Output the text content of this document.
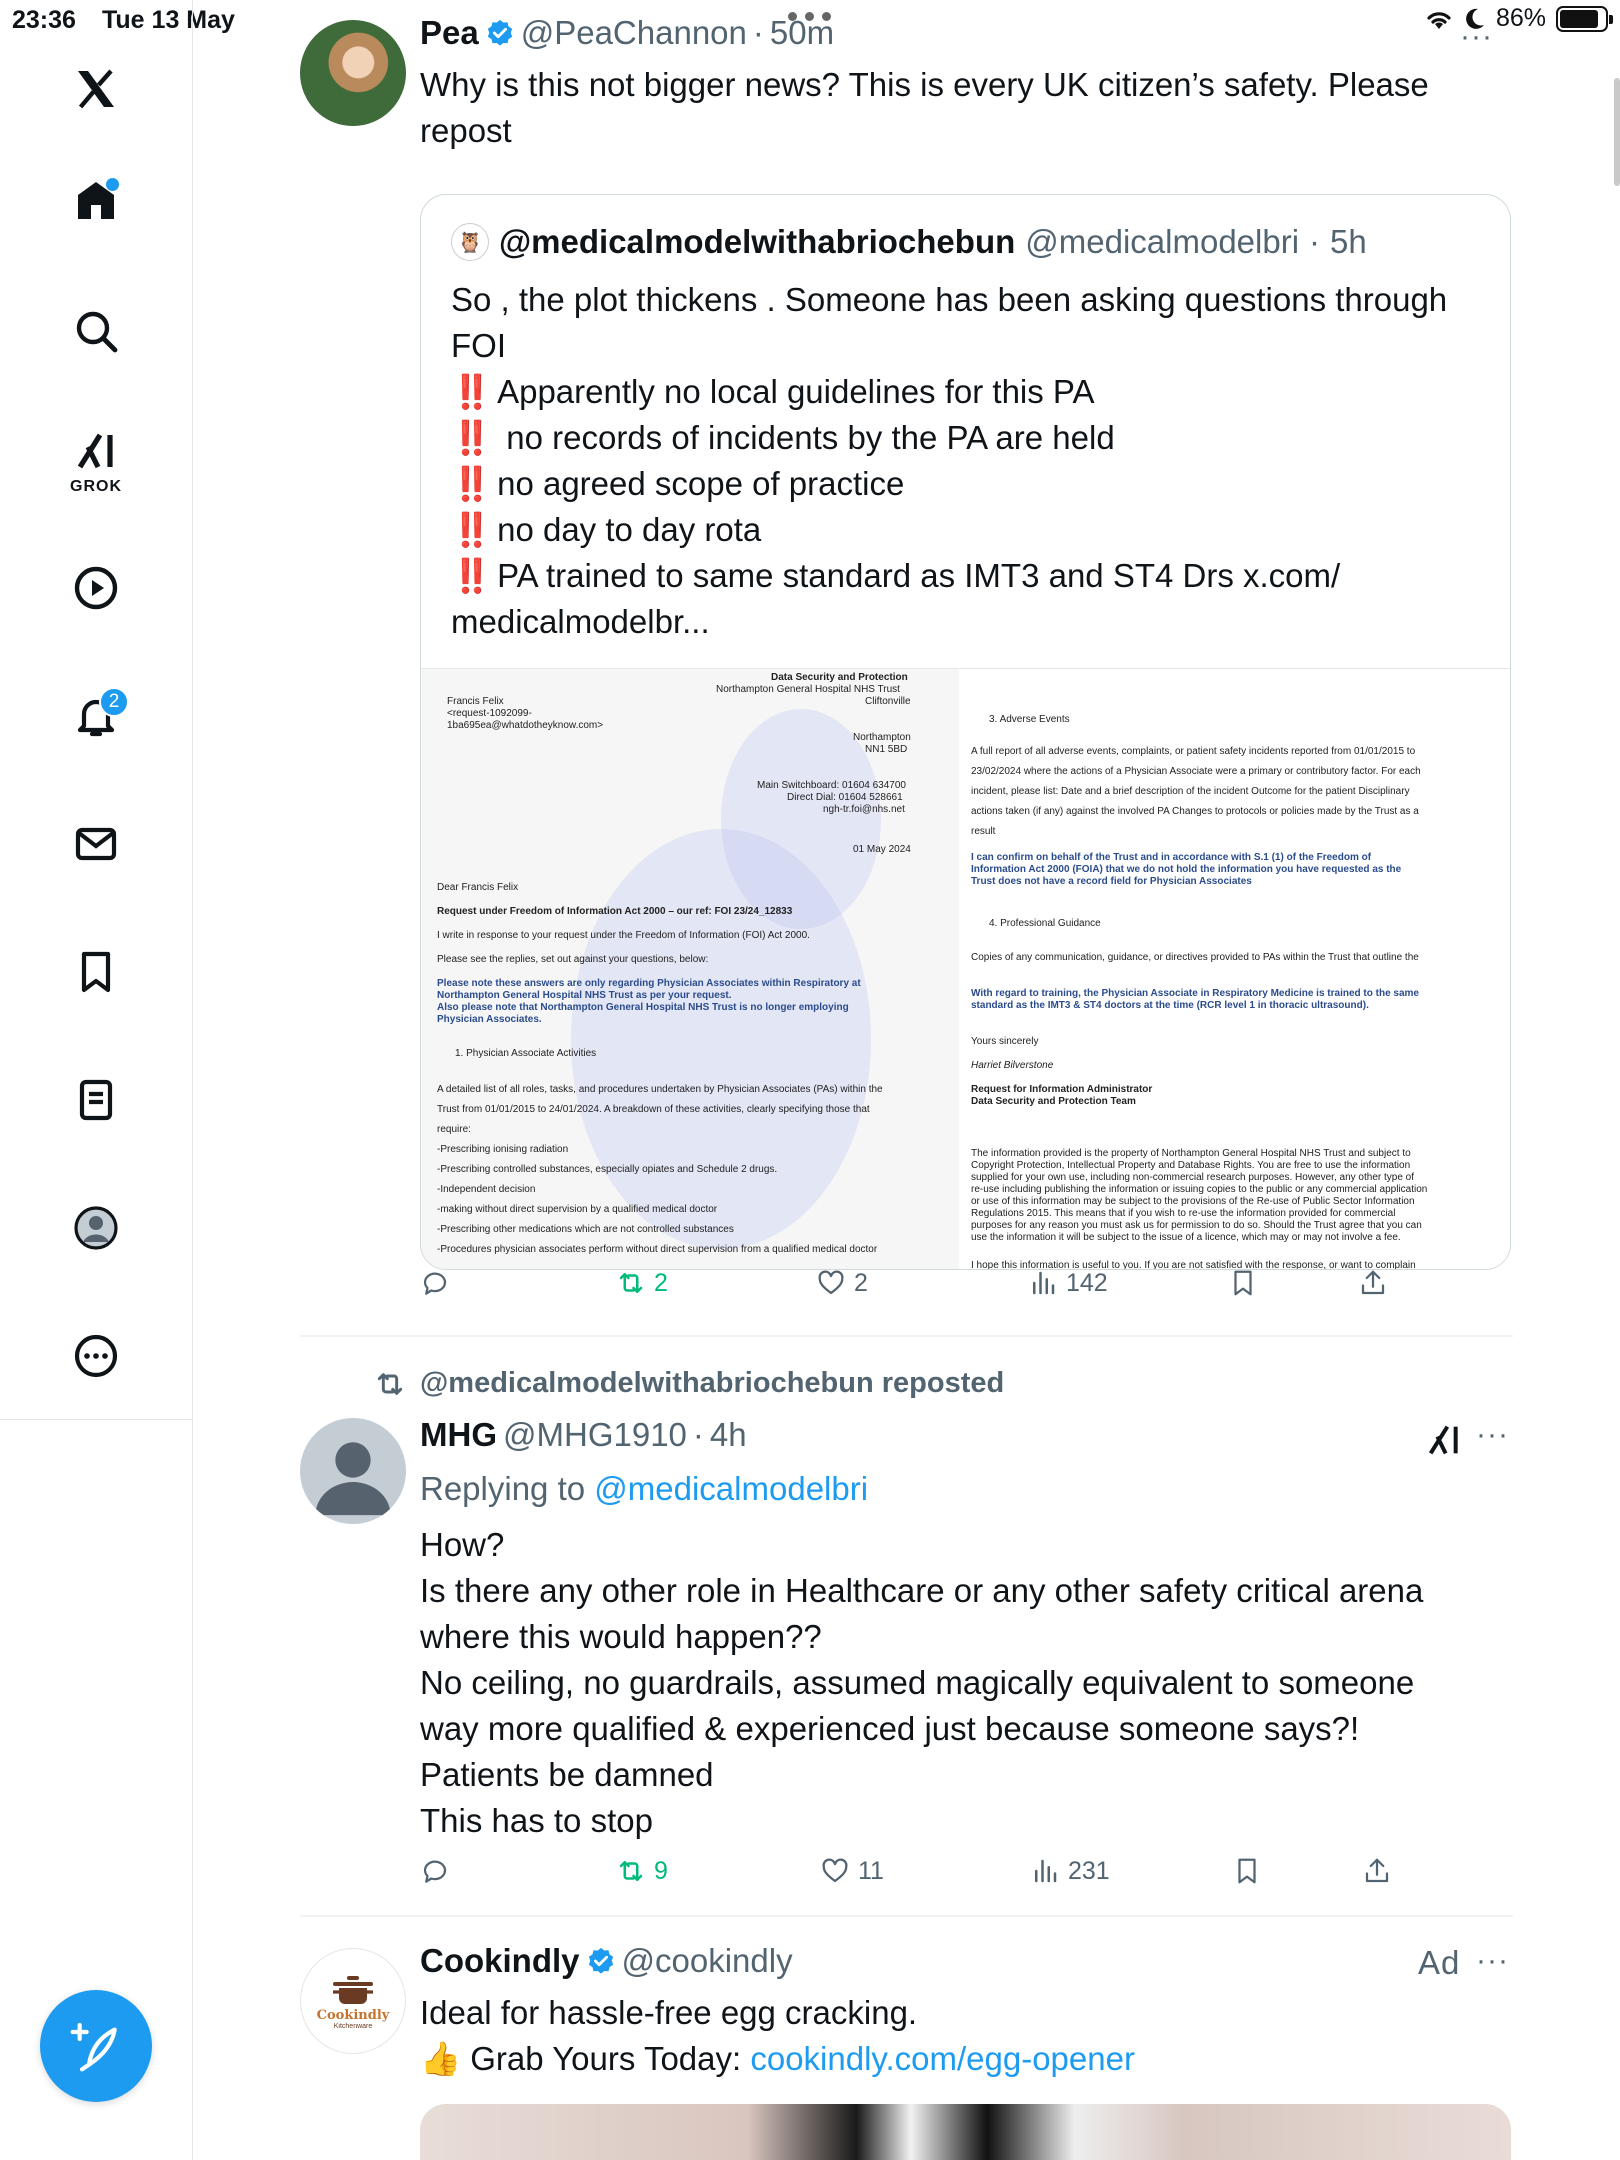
23:36 Tue 13 May	86%
GROK
2
Pea @PeaChannon · 50m
Why is this not bigger news? This is every UK citizen’s safety. Please
repost
🦉 @medicalmodelwithabriochebun @medicalmodelbri · 5h
So , the plot thickens . Someone has been asking questions through
FOI
‼️ Apparently no local guidelines for this PA
‼️ no records of incidents by the PA are held
‼️ no agreed scope of practice
‼️ no day to day rota
‼️ PA trained to same standard as IMT3 and ST4 Drs x.com/
medicalmodelbr...
Data Security and Protection
Northampton General Hospital NHS Trust
Cliftonville
Francis Felix
<request-1092099-
1ba695ea@whatdotheyknow.com>
Northampton
NN1 5BD
Main Switchboard: 01604 634700
Direct Dial: 01604 528661
ngh-tr.foi@nhs.net
01 May 2024
Dear Francis Felix
Request under Freedom of Information Act 2000 – our ref: FOI 23/24_12833
I write in response to your request under the Freedom of Information (FOI) Act 2000.
Please see the replies, set out against your questions, below:
Please note these answers are only regarding Physician Associates within Respiratory at
Northampton General Hospital NHS Trust as per your request.
Also please note that Northampton General Hospital NHS Trust is no longer employing
Physician Associates.
1. Physician Associate Activities
A detailed list of all roles, tasks, and procedures undertaken by Physician Associates (PAs) within the
Trust from 01/01/2015 to 24/01/2024. A breakdown of these activities, clearly specifying those that
require:
-Prescribing ionising radiation
-Prescribing controlled substances, especially opiates and Schedule 2 drugs.
-Independent decision
-making without direct supervision by a qualified medical doctor
-Prescribing other medications which are not controlled substances
-Procedures physician associates perform without direct supervision from a qualified medical doctor
3. Adverse Events
A full report of all adverse events, complaints, or patient safety incidents reported from 01/01/2015 to
23/02/2024 where the actions of a Physician Associate were a primary or contributory factor. For each
incident, please list: Date and a brief description of the incident Outcome for the patient Disciplinary
actions taken (if any) against the involved PA Changes to protocols or policies made by the Trust as a
result
I can confirm on behalf of the Trust and in accordance with S.1 (1) of the Freedom of
Information Act 2000 (FOIA) that we do not hold the information you have requested as the
Trust does not have a record field for Physician Associates
4. Professional Guidance
Copies of any communication, guidance, or directives provided to PAs within the Trust that outline the
With regard to training, the Physician Associate in Respiratory Medicine is trained to the same
standard as the IMT3 & ST4 doctors at the time (RCR level 1 in thoracic ultrasound).
Yours sincerely
Harriet Bilverstone
Request for Information Administrator
Data Security and Protection Team
The information provided is the property of Northampton General Hospital NHS Trust and subject to
Copyright Protection, Intellectual Property and Database Rights. You are free to use the information
supplied for your own use, including non-commercial research purposes. However, any other type of
re-use including publishing the information or issuing copies to the public or any commercial application
or use of this information may be subject to the provisions of the Re-use of Public Sector Information
Regulations 2015. This means that if you wish to re-use the information provided for commercial
purposes for any reason you must ask us for permission to do so. Should the Trust agree that you can
use the information it will be subject to the issue of a licence, which may or may not involve a fee.
I hope this information is useful to you. If you are not satisfied with the response, or want to complain
2	2	142
···
@medicalmodelwithabriochebun reposted
MHG @MHG1910 · 4h	···
Replying to @medicalmodelbri
How?
Is there any other role in Healthcare or any other safety critical arena
where this would happen??
No ceiling, no guardrails, assumed magically equivalent to someone
way more qualified & experienced just because someone says?!
Patients be damned
This has to stop
9	11	231
Cookindly
Kitchenware
Cookindly @cookindly	Ad ···
Ideal for hassle-free egg cracking.
👍 Grab Yours Today: cookindly.com/egg-opener
